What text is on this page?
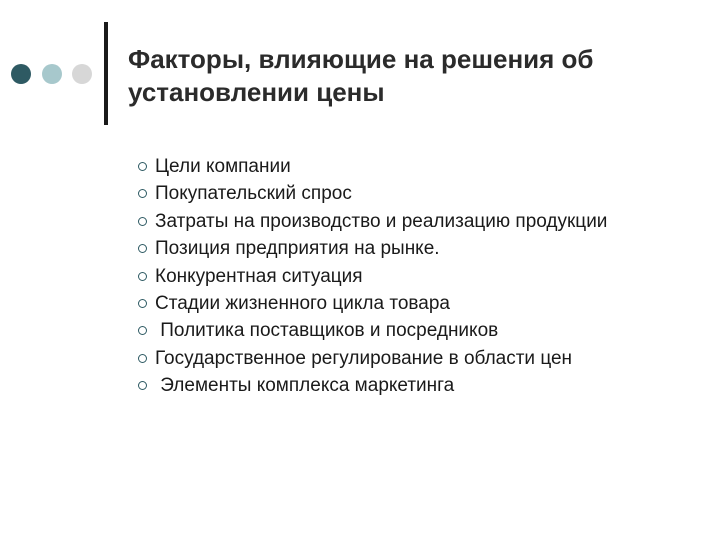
Факторы, влияющие на решения об установлении цены

Цели компании

Покупательский спрос

Затраты на производство и реализацию продукции

Позиция предприятия на рынке.

Конкурентная ситуация

Стадии жизненного цикла товара

Политика поставщиков и посредников

Государственное регулирование в области цен

Элементы комплекса маркетинга
